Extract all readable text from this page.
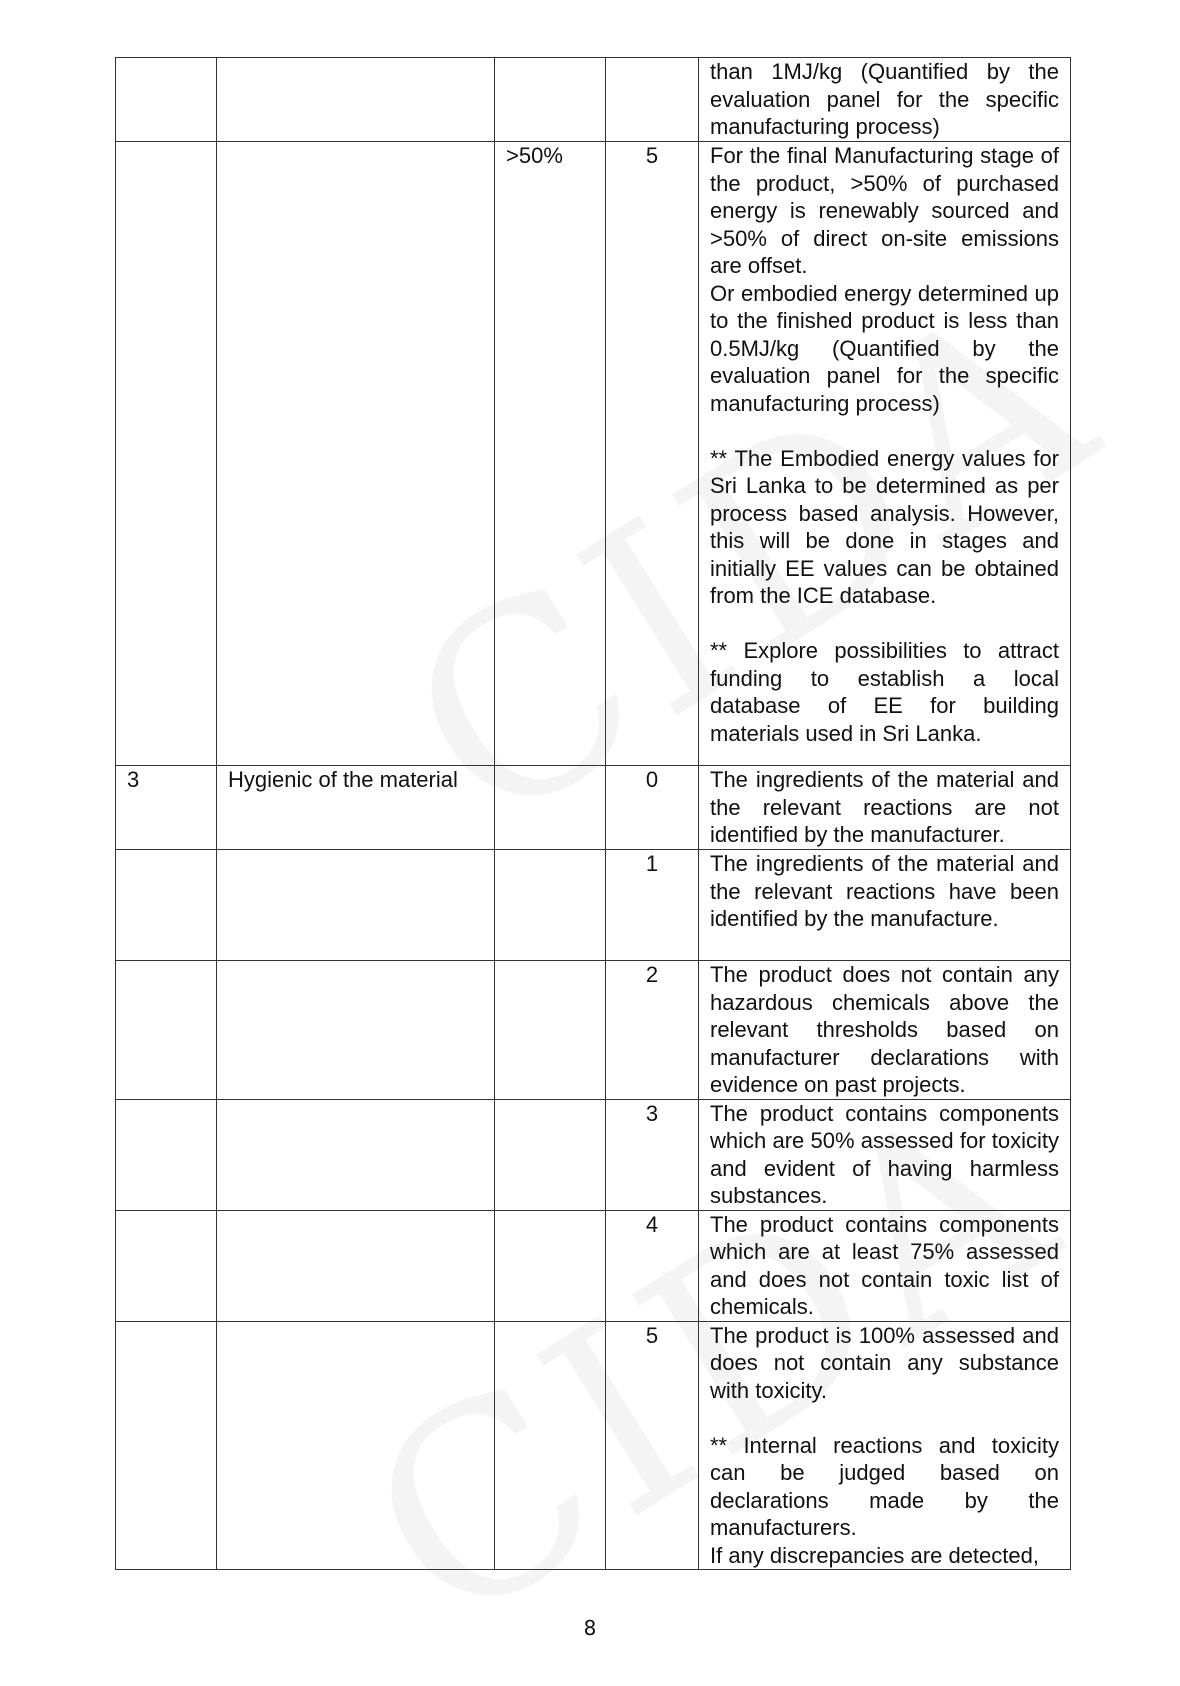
				than 1MJ/kg (Quantified by the evaluation panel for the specific manufacturing process)

		>50%	5	For the final Manufacturing stage of the product, >50% of purchased energy is renewably sourced and >50% of direct on-site emissions are offset.
Or embodied energy determined up to the finished product is less than 0.5MJ/kg (Quantified by the evaluation panel for the specific manufacturing process)
** The Embodied energy values for Sri Lanka to be determined as per process based analysis. However, this will be done in stages and initially EE values can be obtained from the ICE database.
** Explore possibilities to attract funding to establish a local database of EE for building materials used in Sri Lanka.

3	Hygienic of the material		0	The ingredients of the material and the relevant reactions are not identified by the manufacturer.

			1	The ingredients of the material and the relevant reactions have been identified by the manufacture.

			2	The product does not contain any hazardous chemicals above the relevant thresholds based on manufacturer declarations with evidence on past projects.

			3	The product contains components which are 50% assessed for toxicity and evident of having harmless substances.

			4	The product contains components which are at least 75% assessed and does not contain toxic list of chemicals.

			5	The product is 100% assessed and does not contain any substance with toxicity.
** Internal reactions and toxicity can be judged based on declarations made by the manufacturers.
If any discrepancies are detected,
8
